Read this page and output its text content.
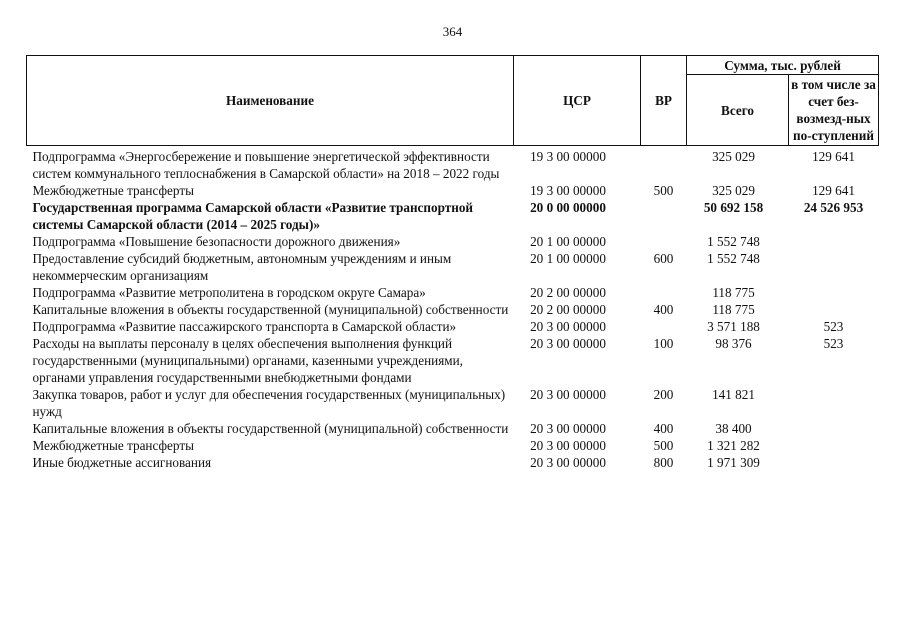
364
Наименование	ЦСР	ВР	Сумма, тыс. рублей	
			Всего	в том числе за счет без-возмезд-ных по-ступлений
Подпрограмма «Энергосбережение и повышение энергетической эффективности систем коммунального теплоснабжения в Самарской области» на 2018 – 2022 годы	19 3 00 00000		325 029	129 641
Межбюджетные трансферты	19 3 00 00000	500	325 029	129 641
Государственная программа Самарской области «Развитие транспортной системы Самарской области (2014 – 2025 годы)»	20 0 00 00000		50 692 158	24 526 953
Подпрограмма «Повышение безопасности дорожного движения»	20 1 00 00000		1 552 748	
Предоставление субсидий бюджетным, автономным учреждениям и иным некоммерческим организациям	20 1 00 00000	600	1 552 748	
Подпрограмма «Развитие метрополитена в городском округе Самара»	20 2 00 00000		118 775	
Капитальные вложения в объекты государственной (муниципальной) собственности	20 2 00 00000	400	118 775	
Подпрограмма «Развитие пассажирского транспорта в Самарской области»	20 3 00 00000		3 571 188	523
Расходы на выплаты персоналу в целях обеспечения выполнения функций государственными (муниципальными) органами, казенными учреждениями, органами управления государственными внебюджетными фондами	20 3 00 00000	100	98 376	523
Закупка товаров, работ и услуг для обеспечения государственных (муниципальных) нужд	20 3 00 00000	200	141 821	
Капитальные вложения в объекты государственной (муниципальной) собственности	20 3 00 00000	400	38 400	
Межбюджетные трансферты	20 3 00 00000	500	1 321 282	
Иные бюджетные ассигнования	20 3 00 00000	800	1 971 309	
